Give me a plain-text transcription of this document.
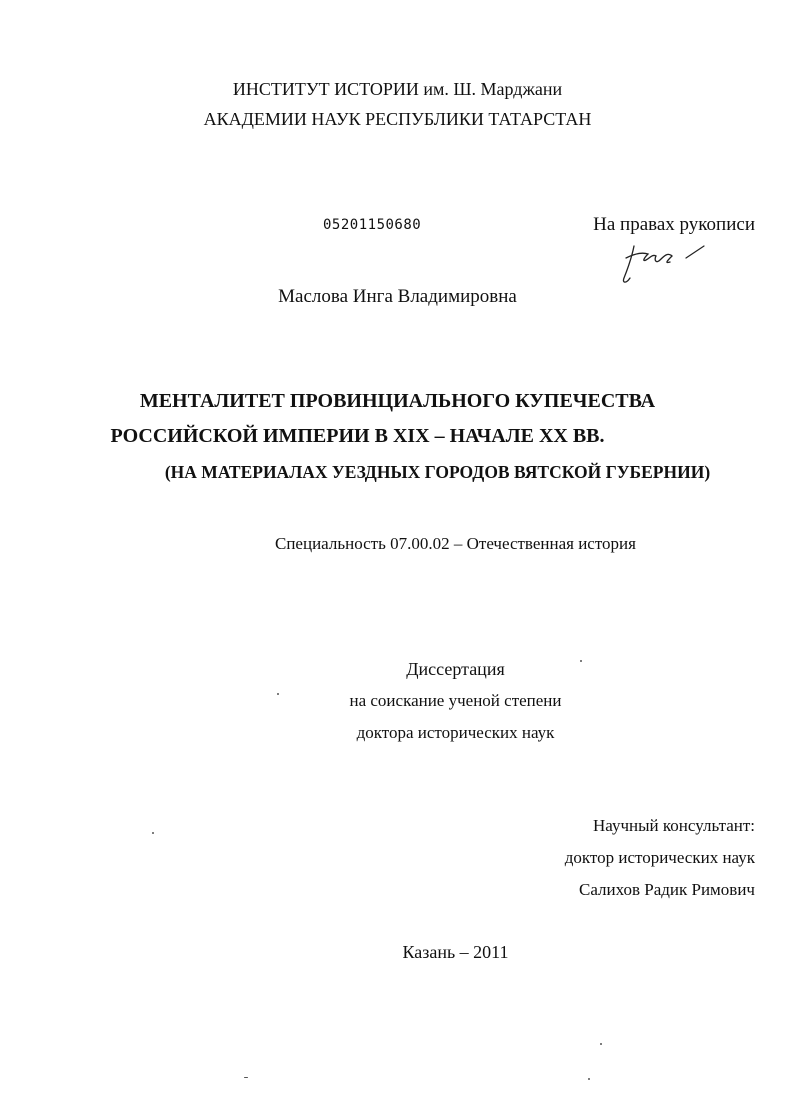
ИНСТИТУТ ИСТОРИИ им. Ш. Марджани
АКАДЕМИИ НАУК РЕСПУБЛИКИ ТАТАРСТАН
05201150680	На правах рукописи
Маслова Инга Владимировна
МЕНТАЛИТЕТ ПРОВИНЦИАЛЬНОГО КУПЕЧЕСТВА
РОССИЙСКОЙ ИМПЕРИИ В XIX – НАЧАЛЕ XX ВВ.
(НА МАТЕРИАЛАХ УЕЗДНЫХ ГОРОДОВ ВЯТСКОЙ ГУБЕРНИИ)
Специальность 07.00.02 – Отечественная история
Диссертация
на соискание ученой степени
доктора исторических наук
Научный консультант:
доктор исторических наук
Салихов Радик Римович
Казань – 2011
